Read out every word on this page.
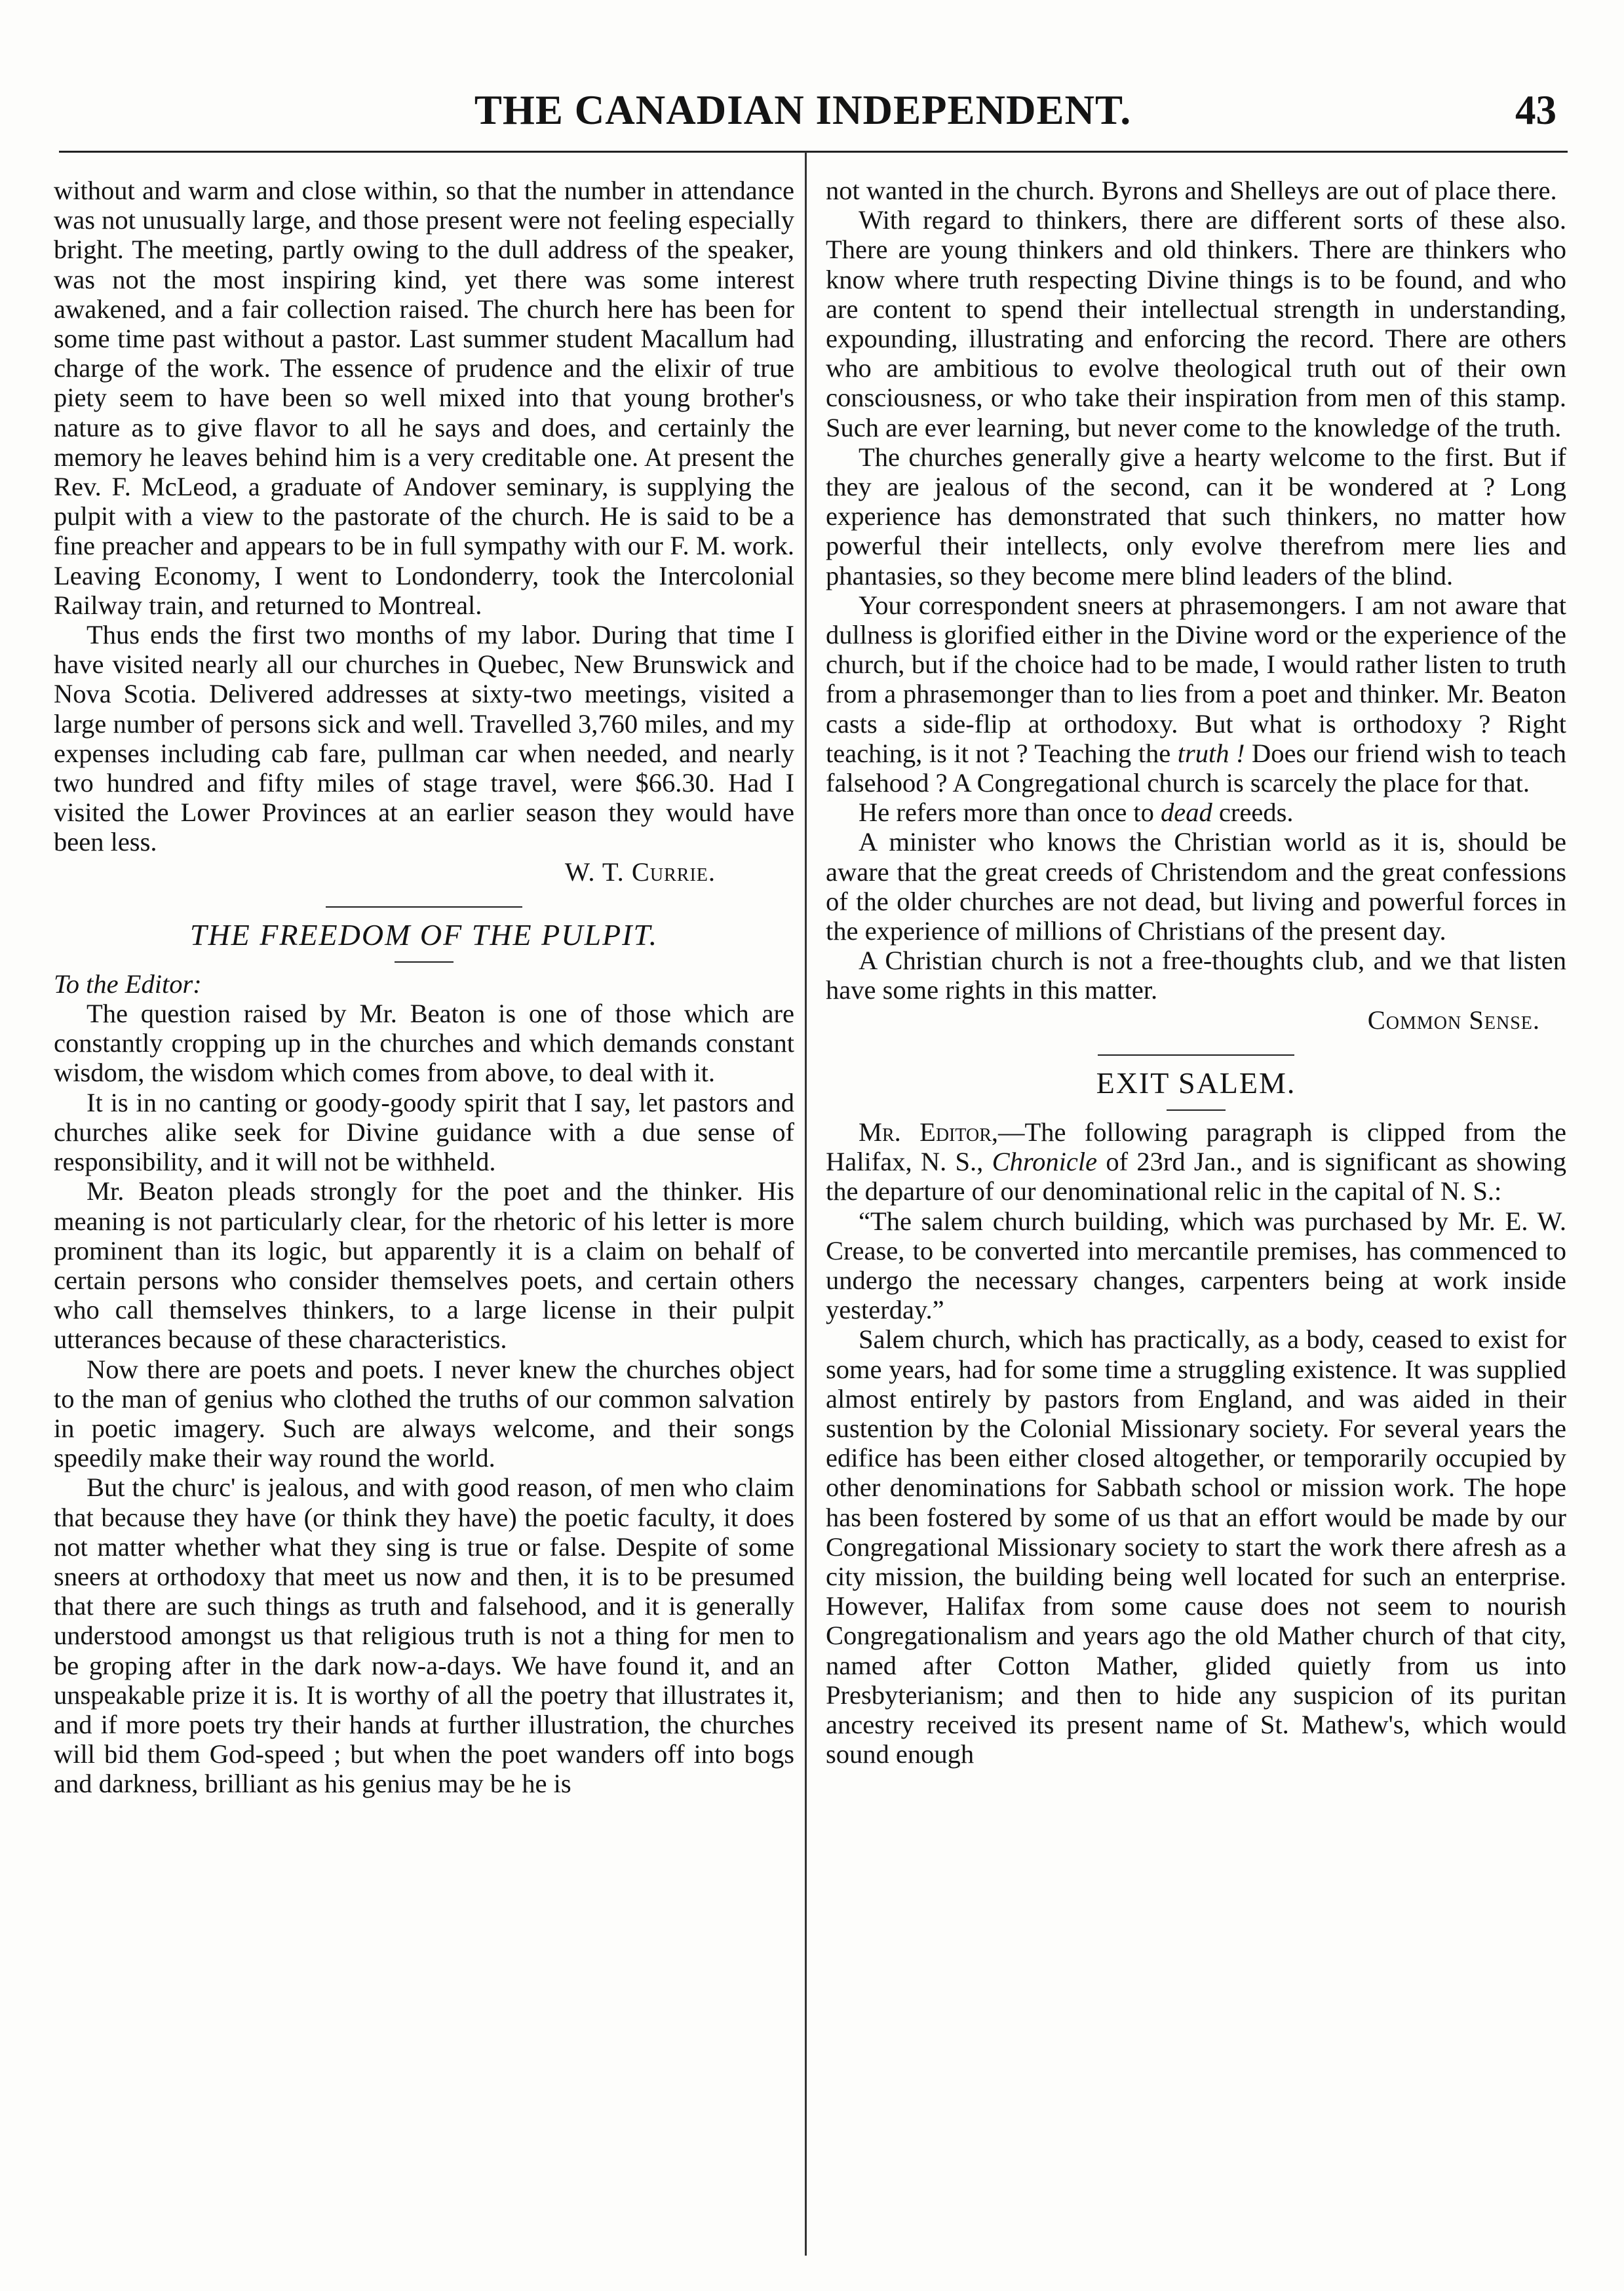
THE CANADIAN INDEPENDENT.	43

without and warm and close within, so that the number in attendance was not unusually large, and those present were not feeling especially bright. The meeting, partly owing to the dull address of the speaker, was not the most inspiring kind, yet there was some interest awakened, and a fair collection raised. The church here has been for some time past without a pastor. Last summer student Macallum had charge of the work. The essence of prudence and the elixir of true piety seem to have been so well mixed into that young brother's nature as to give flavor to all he says and does, and certainly the memory he leaves behind him is a very creditable one. At present the Rev. F. McLeod, a graduate of Andover seminary, is supplying the pulpit with a view to the pastorate of the church. He is said to be a fine preacher and appears to be in full sympathy with our F. M. work. Leaving Economy, I went to Londonderry, took the Intercolonial Railway train, and returned to Montreal.

Thus ends the first two months of my labor. During that time I have visited nearly all our churches in Quebec, New Brunswick and Nova Scotia. Delivered addresses at sixty-two meetings, visited a large number of persons sick and well. Travelled 3,760 miles, and my expenses including cab fare, pullman car when needed, and nearly two hundred and fifty miles of stage travel, were $66.30. Had I visited the Lower Provinces at an earlier season they would have been less.

W. T. Currie.

THE FREEDOM OF THE PULPIT.

To the Editor:

The question raised by Mr. Beaton is one of those which are constantly cropping up in the churches and which demands constant wisdom, the wisdom which comes from above, to deal with it.

It is in no canting or goody-goody spirit that I say, let pastors and churches alike seek for Divine guidance with a due sense of responsibility, and it will not be withheld.

Mr. Beaton pleads strongly for the poet and the thinker. His meaning is not particularly clear, for the rhetoric of his letter is more prominent than its logic, but apparently it is a claim on behalf of certain persons who consider themselves poets, and certain others who call themselves thinkers, to a large license in their pulpit utterances because of these characteristics.

Now there are poets and poets. I never knew the churches object to the man of genius who clothed the truths of our common salvation in poetic imagery. Such are always welcome, and their songs speedily make their way round the world.

But the churc' is jealous, and with good reason, of men who claim that because they have (or think they have) the poetic faculty, it does not matter whether what they sing is true or false. Despite of some sneers at orthodoxy that meet us now and then, it is to be presumed that there are such things as truth and falsehood, and it is generally understood amongst us that religious truth is not a thing for men to be groping after in the dark now-a-days. We have found it, and an unspeakable prize it is. It is worthy of all the poetry that illustrates it, and if more poets try their hands at further illustration, the churches will bid them God-speed ; but when the poet wanders off into bogs and darkness, brilliant as his genius may be he is

not wanted in the church. Byrons and Shelleys are out of place there.

With regard to thinkers, there are different sorts of these also. There are young thinkers and old thinkers. There are thinkers who know where truth respecting Divine things is to be found, and who are content to spend their intellectual strength in understanding, expounding, illustrating and enforcing the record. There are others who are ambitious to evolve theological truth out of their own consciousness, or who take their inspiration from men of this stamp. Such are ever learning, but never come to the knowledge of the truth.

The churches generally give a hearty welcome to the first. But if they are jealous of the second, can it be wondered at ? Long experience has demonstrated that such thinkers, no matter how powerful their intellects, only evolve therefrom mere lies and phantasies, so they become mere blind leaders of the blind.

Your correspondent sneers at phrasemongers. I am not aware that dullness is glorified either in the Divine word or the experience of the church, but if the choice had to be made, I would rather listen to truth from a phrasemonger than to lies from a poet and thinker. Mr. Beaton casts a side-flip at orthodoxy. But what is orthodoxy ? Right teaching, is it not ? Teaching the truth ! Does our friend wish to teach falsehood ? A Congregational church is scarcely the place for that.

He refers more than once to dead creeds.

A minister who knows the Christian world as it is, should be aware that the great creeds of Christendom and the great confessions of the older churches are not dead, but living and powerful forces in the experience of millions of Christians of the present day.

A Christian church is not a free-thoughts club, and we that listen have some rights in this matter.

Common Sense.

EXIT SALEM.

Mr. Editor,—The following paragraph is clipped from the Halifax, N. S., Chronicle of 23rd Jan., and is significant as showing the departure of our denominational relic in the capital of N. S.:

“The salem church building, which was purchased by Mr. E. W. Crease, to be converted into mercantile premises, has commenced to undergo the necessary changes, carpenters being at work inside yesterday.”

Salem church, which has practically, as a body, ceased to exist for some years, had for some time a struggling existence. It was supplied almost entirely by pastors from England, and was aided in their sustention by the Colonial Missionary society. For several years the edifice has been either closed altogether, or temporarily occupied by other denominations for Sabbath school or mission work. The hope has been fostered by some of us that an effort would be made by our Congregational Missionary society to start the work there afresh as a city mission, the building being well located for such an enterprise. However, Halifax from some cause does not seem to nourish Congregationalism and years ago the old Mather church of that city, named after Cotton Mather, glided quietly from us into Presbyterianism; and then to hide any suspicion of its puritan ancestry received its present name of St. Mathew's, which would sound enough
